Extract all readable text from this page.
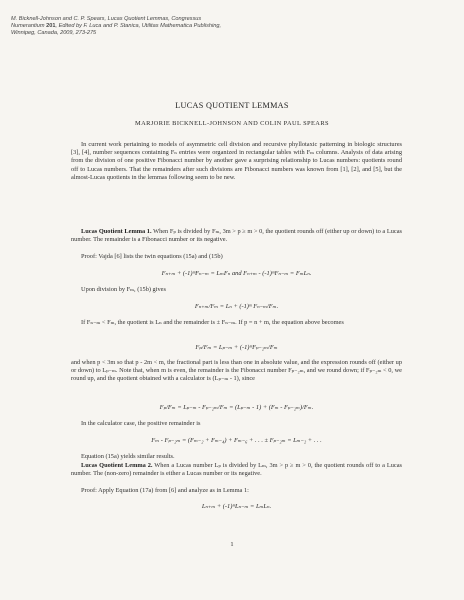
M. Bicknell-Johnson and C. P. Spears, Lucas Quotient Lemmas, Congressus
Numerantium 201, Edited by F. Luca and P. Stanica, Utilitas Mathematica Publishing,
Winnipeg, Canada, 2009, 273-275
LUCAS QUOTIENT LEMMAS
MARJORIE BICKNELL-JOHNSON AND COLIN PAUL SPEARS
In current work pertaining to models of asymmetric cell division and recursive phyllotaxic patterning in biologic structures [3], [4], number sequences containing Fₙ entries were organized in rectangular tables with Fₘ columns. Analysis of data arising from the division of one positive Fibonacci number by another gave a surprising relationship to Lucas numbers: quotients round off to Lucas numbers. That the remainders after such divisions are Fibonacci numbers was known from [1], [2], and [5], but the almost-Lucas quotients in the lemmas following seem to be new.
Lucas Quotient Lemma 1. When Fₚ is divided by Fₘ, 3m > p ≥ m > 0, the quotient rounds off (either up or down) to a Lucas number. The remainder is a Fibonacci number or its negative.
Proof: Vajda [6] lists the twin equations (15a) and (15b)
Fₙ₊ₘ + (-1)ᵐFₙ₋ₘ = LₘFₙ and Fₙ₊ₘ - (-1)ᵐFₙ₋ₘ = FₘLₙ.
Upon division by Fₘ, (15b) gives
Fₙ₊ₘ/Fₘ = Lₙ + (-1)ᵐ Fₙ₋ₘ/Fₘ.
If Fₙ₋ₘ < Fₘ, the quotient is Lₙ and the remainder is ± Fₙ₋ₘ. If p = n + m, the equation above becomes
Fₚ/Fₘ = Lₚ₋ₘ + (-1)ᵐFₚ₋₂ₘ/Fₘ
and when p < 3m so that p - 2m < m, the fractional part is less than one in absolute value, and the expression rounds off (either up or down) to Lₚ₋ₘ. Note that, when m is even, the remainder is the Fibonacci number Fₚ₋₂ₘ, and we round down; if Fₚ₋₂ₘ < 0, we round up, and the quotient obtained with a calculator is (Lₚ₋ₘ - 1), since
Fₚ/Fₘ = Lₚ₋ₘ - Fₚ₋₂ₘ/Fₘ = (Lₚ₋ₘ - 1) + (Fₘ - Fₚ₋₂ₘ)/Fₘ.
In the calculator case, the positive remainder is
Fₘ - Fₚ₋₂ₘ = (Fₘ₋₂ + Fₘ₋₄) + Fₘ₋₆ + . . . ± Fₚ₋₂ₘ = Lₘ₋₂ + . . .
Equation (15a) yields similar results.
Lucas Quotient Lemma 2. When a Lucas number Lₚ is divided by Lₘ, 3m > p ≥ m > 0, the quotient rounds off to a Lucas number. The (non-zero) remainder is either a Lucas number or its negative.
Proof: Apply Equation (17a) from [6] and analyze as in Lemma 1:
Lₙ₊ₘ + (-1)ᵐLₙ₋ₘ = LₘLₙ.
1
